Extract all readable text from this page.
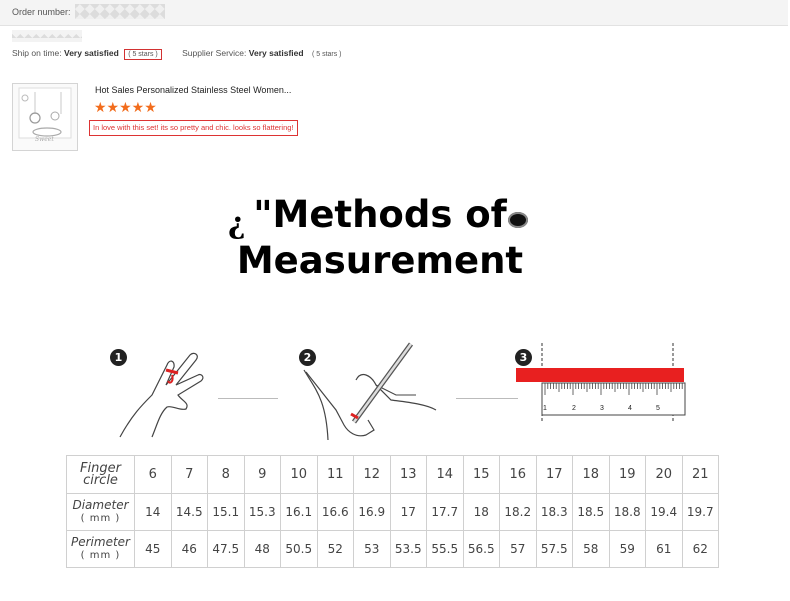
Order number:
Ship on time: Very satisfied ( 5 stars )	Supplier Service: Very satisfied ( 5 stars )
Sweet
Hot Sales Personalized Stainless Steel Women...
★★★★★
In love with this set! its so pretty and chic. looks so flattering!
¿ "Methods of
Measurement
1	2	3
1	2	3	4	5
Finger
circle	6	7	8	9	10	11	12	13	14	15	16	17	18	19	20	21
Diameter
( mm )	14	14.5	15.1	15.3	16.1	16.6	16.9	17	17.7	18	18.2	18.3	18.5	18.8	19.4	19.7
Perimeter
( mm )	45	46	47.5	48	50.5	52	53	53.5	55.5	56.5	57	57.5	58	59	61	62
